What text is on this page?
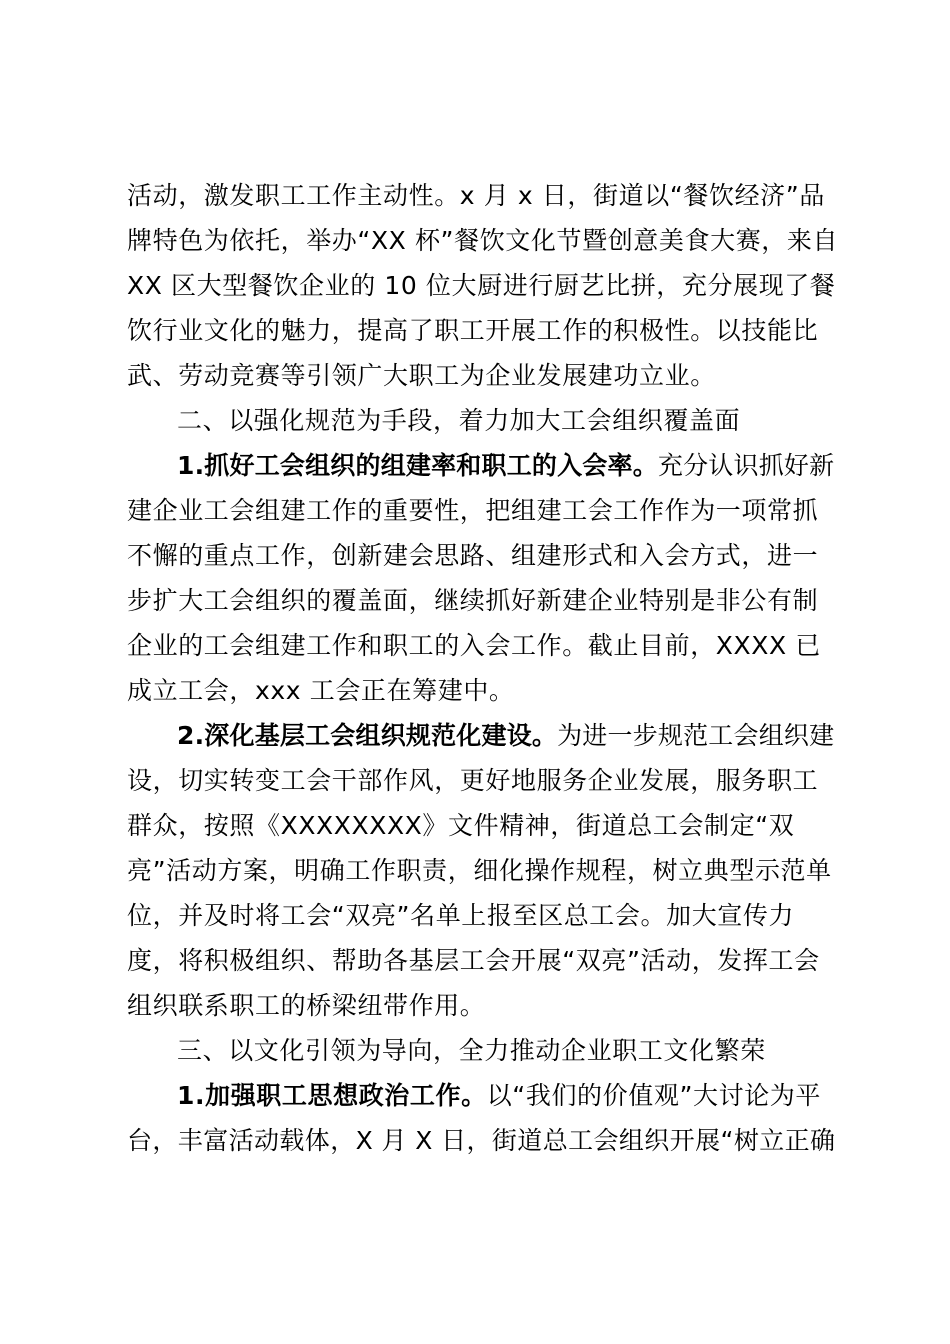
活动，激发职工工作主动性。x 月 x 日，街道以“餐饮经济”品
牌特色为依托，举办“XX 杯”餐饮文化节暨创意美食大赛，来自
XX 区大型餐饮企业的 10 位大厨进行厨艺比拼，充分展现了餐
饮行业文化的魅力，提高了职工开展工作的积极性。以技能比
武、劳动竞赛等引领广大职工为企业发展建功立业。
二、以强化规范为手段，着力加大工会组织覆盖面
1.抓好工会组织的组建率和职工的入会率。充分认识抓好新
建企业工会组建工作的重要性，把组建工会工作作为一项常抓
不懈的重点工作，创新建会思路、组建形式和入会方式，进一
步扩大工会组织的覆盖面，继续抓好新建企业特别是非公有制
企业的工会组建工作和职工的入会工作。截止目前，XXXX 已
成立工会，xxx 工会正在筹建中。
2.深化基层工会组织规范化建设。为进一步规范工会组织建
设，切实转变工会干部作风，更好地服务企业发展，服务职工
群众，按照《XXXXXXXX》文件精神，街道总工会制定“双
亮”活动方案，明确工作职责，细化操作规程，树立典型示范单
位，并及时将工会“双亮”名单上报至区总工会。加大宣传力
度，将积极组织、帮助各基层工会开展“双亮”活动，发挥工会
组织联系职工的桥梁纽带作用。
三、以文化引领为导向，全力推动企业职工文化繁荣
1.加强职工思想政治工作。以“我们的价值观”大讨论为平
台，丰富活动载体，X 月 X 日，街道总工会组织开展“树立正确
